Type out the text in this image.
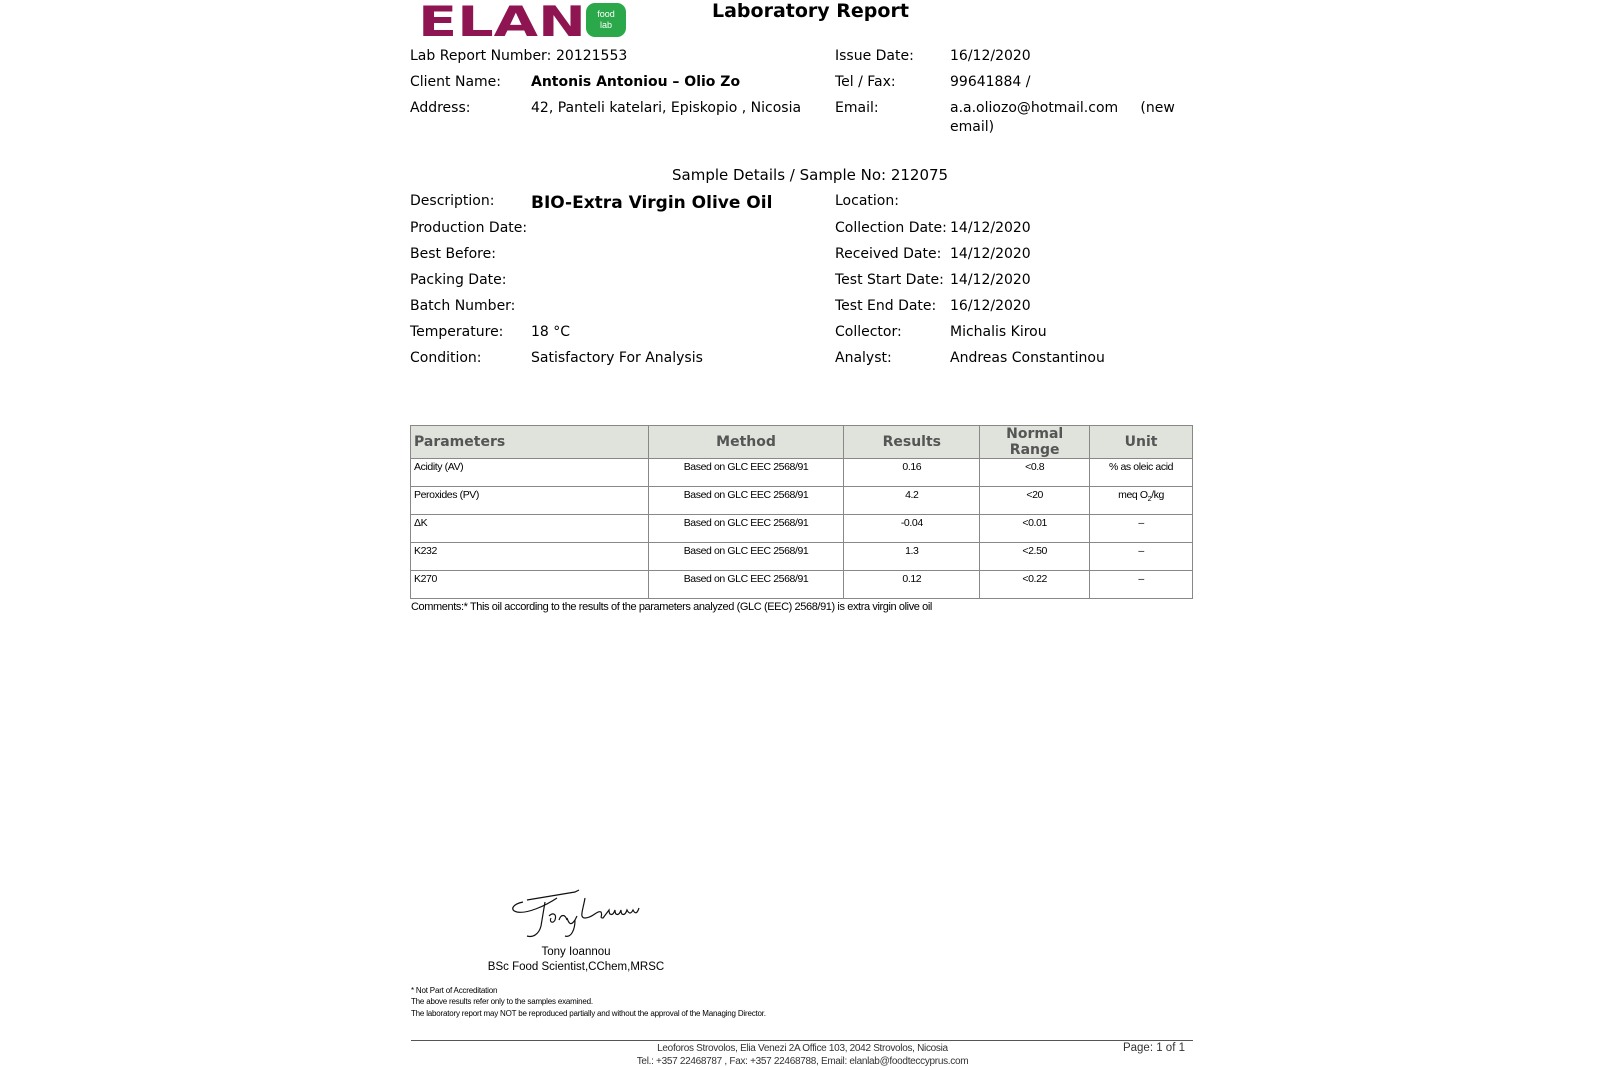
ELAN food
lab
Laboratory Report
Lab Report Number: 20121553	Issue Date:	16/12/2020
Client Name: Antonis Antoniou – Olio Zo	Tel / Fax:	99641884 /
Address:	42, Panteli katelari, Episkopio , Nicosia Email:	a.a.oliozo@hotmail.com     (new
email)
Sample Details / Sample No: 212075
Description: BIO-Extra Virgin Olive Oil	Location:
Production Date:	Collection Date: 14/12/2020
Best Before:	Received Date: 14/12/2020
Packing Date:	Test Start Date: 14/12/2020
Batch Number:	Test End Date: 16/12/2020
Temperature: 18 °C	Collector:	Michalis Kirou
Condition:	Satisfactory For Analysis	Analyst:	Andreas Constantinou
Parameters	Method	Results	Normal Range	Unit
Acidity (AV)	Based on GLC EEC 2568/91	0.16	<0.8	% as oleic acid
Peroxides (PV)	Based on GLC EEC 2568/91	4.2	<20	meq $O_2/kg$
ΔK	Based on GLC EEC 2568/91	-0.04	<0.01	–
K232	Based on GLC EEC 2568/91	1.3	<2.50	–
K270	Based on GLC EEC 2568/91	0.12	<0.22	–
Comments:* This oil according to the results of the parameters analyzed (GLC (EEC) 2568/91) is extra virgin olive oil
Tony Ioannou
BSc Food Scientist,CChem,MRSC
* Not Part of Accreditation
The above results refer only to the samples examined.
The laboratory report may NOT be reproduced partially and without the approval of the Managing Director.
Leoforos Strovolos, Elia Venezi 2A Office 103, 2042 Strovolos, Nicosia
Tel.: +357 22468787 , Fax: +357 22468788, Email: elanlab@foodteccyprus.com
Page: 1 of 1
